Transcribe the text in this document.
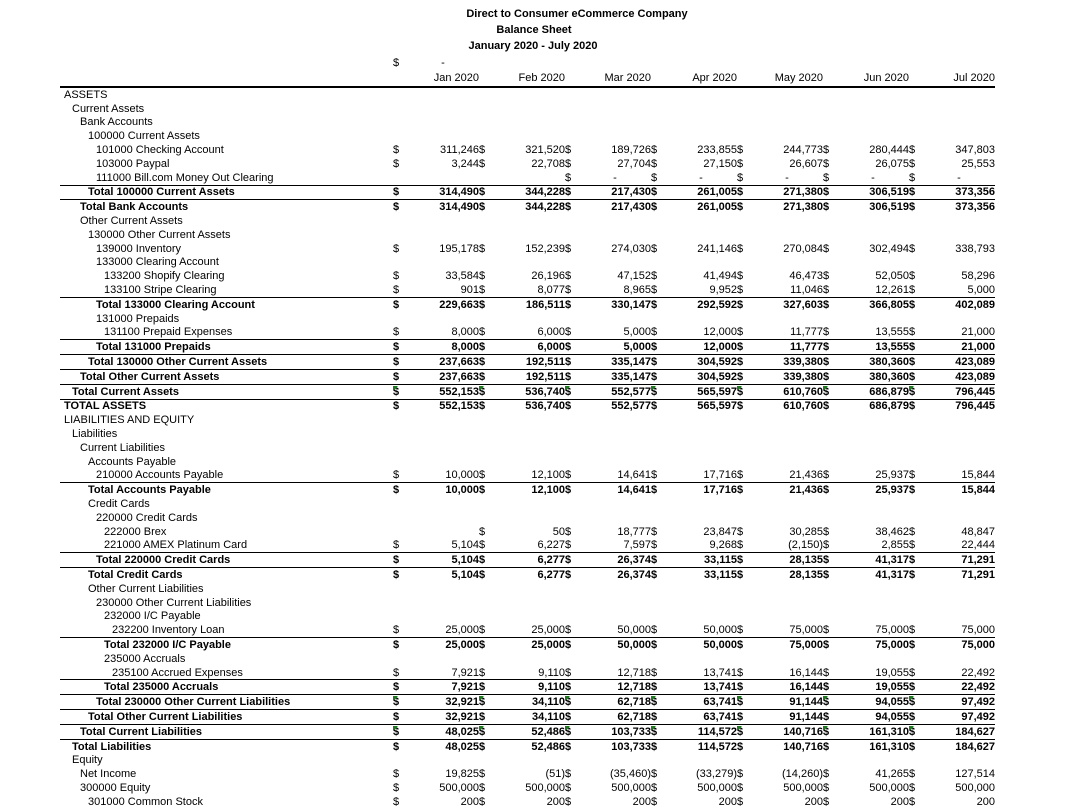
Direct to Consumer eCommerce Company
Balance Sheet
January 2020 - July 2020
	$	-												
		Jan 2020		Feb 2020		Mar 2020		Apr 2020		May 2020		Jun 2020		Jul 2020
ASSETS														
Current Assets														
Bank Accounts														
100000 Current Assets														
101000 Checking Account	$	311,246	$	321,520	$	189,726	$	233,855	$	244,773	$	280,444	$	347,803
103000 Paypal	$	3,244	$	22,708	$	27,704	$	27,150	$	26,607	$	26,075	$	25,553
111000 Bill.com Money Out Clearing					$	-	$	-	$	-	$	-	$	-
Total 100000 Current Assets	$	314,490	$	344,228	$	217,430	$	261,005	$	271,380	$	306,519	$	373,356
Total Bank Accounts	$	314,490	$	344,228	$	217,430	$	261,005	$	271,380	$	306,519	$	373,356
Other Current Assets														
130000 Other Current Assets														
139000 Inventory	$	195,178	$	152,239	$	274,030	$	241,146	$	270,084	$	302,494	$	338,793
133000 Clearing Account														
133200 Shopify Clearing	$	33,584	$	26,196	$	47,152	$	41,494	$	46,473	$	52,050	$	58,296
133100 Stripe Clearing	$	901	$	8,077	$	8,965	$	9,952	$	11,046	$	12,261	$	5,000
Total 133000 Clearing Account	$	229,663	$	186,511	$	330,147	$	292,592	$	327,603	$	366,805	$	402,089
131000 Prepaids														
131100 Prepaid Expenses	$	8,000	$	6,000	$	5,000	$	12,000	$	11,777	$	13,555	$	21,000
Total 131000 Prepaids	$	8,000	$	6,000	$	5,000	$	12,000	$	11,777	$	13,555	$	21,000
Total 130000 Other Current Assets	$	237,663	$	192,511	$	335,147	$	304,592	$	339,380	$	380,360	$	423,089
Total Other Current Assets	$	237,663	$	192,511	$	335,147	$	304,592	$	339,380	$	380,360	$	423,089
Total Current Assets	$	552,153	$	536,740	$	552,577	$	565,597	$	610,760	$	686,879	$	796,445
TOTAL ASSETS	$	552,153	$	536,740	$	552,577	$	565,597	$	610,760	$	686,879	$	796,445
LIABILITIES AND EQUITY														
Liabilities														
Current Liabilities														
Accounts Payable														
210000 Accounts Payable	$	10,000	$	12,100	$	14,641	$	17,716	$	21,436	$	25,937	$	15,844
Total Accounts Payable	$	10,000	$	12,100	$	14,641	$	17,716	$	21,436	$	25,937	$	15,844
Credit Cards														
220000 Credit Cards														
222000 Brex			$	50	$	18,777	$	23,847	$	30,285	$	38,462	$	48,847
221000 AMEX Platinum Card	$	5,104	$	6,227	$	7,597	$	9,268	$	(2,150)	$	2,855	$	22,444
Total 220000 Credit Cards	$	5,104	$	6,277	$	26,374	$	33,115	$	28,135	$	41,317	$	71,291
Total Credit Cards	$	5,104	$	6,277	$	26,374	$	33,115	$	28,135	$	41,317	$	71,291
Other Current Liabilities														
230000 Other Current Liabilities														
232000 I/C Payable														
232200 Inventory Loan	$	25,000	$	25,000	$	50,000	$	50,000	$	75,000	$	75,000	$	75,000
Total 232000 I/C Payable	$	25,000	$	25,000	$	50,000	$	50,000	$	75,000	$	75,000	$	75,000
235000 Accruals														
235100 Accrued Expenses	$	7,921	$	9,110	$	12,718	$	13,741	$	16,144	$	19,055	$	22,492
Total 235000 Accruals	$	7,921	$	9,110	$	12,718	$	13,741	$	16,144	$	19,055	$	22,492
Total 230000 Other Current Liabilities	$	32,921	$	34,110	$	62,718	$	63,741	$	91,144	$	94,055	$	97,492
Total Other Current Liabilities	$	32,921	$	34,110	$	62,718	$	63,741	$	91,144	$	94,055	$	97,492
Total Current Liabilities	$	48,025	$	52,486	$	103,733	$	114,572	$	140,716	$	161,310	$	184,627
Total Liabilities	$	48,025	$	52,486	$	103,733	$	114,572	$	140,716	$	161,310	$	184,627
Equity														
Net Income	$	19,825	$	(51)	$	(35,460)	$	(33,279)	$	(14,260)	$	41,265	$	127,514
300000 Equity	$	500,000	$	500,000	$	500,000	$	500,000	$	500,000	$	500,000	$	500,000
301000 Common Stock	$	200	$	200	$	200	$	200	$	200	$	200	$	200
